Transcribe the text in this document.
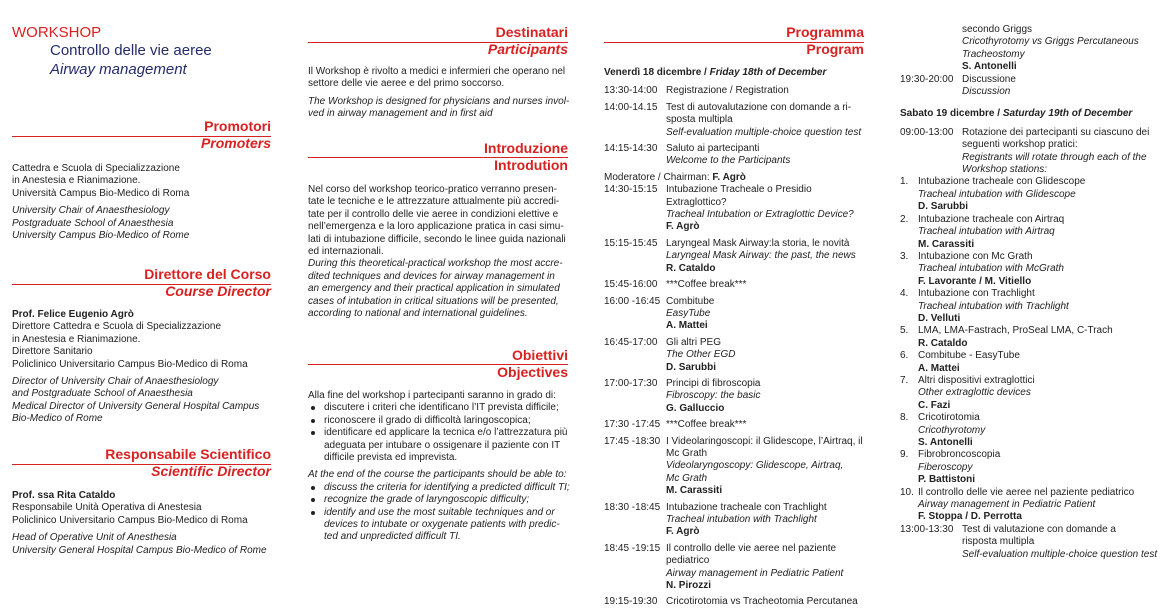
WORKSHOP
Controllo delle vie aeree
Airway management
Promotori
Promoters

Cattedra e Scuola di Specializzazione

in Anestesia e Rianimazione.

Università Campus Bio-Medico di Roma

University Chair of Anaesthesiology

Postgraduate School of Anaesthesia

University Campus Bio-Medico of Rome

Direttore del Corso
Course Director

Prof. Felice Eugenio Agrò

Direttore Cattedra e Scuola di Specializzazione

in Anestesia e Rianimazione.

Direttore Sanitario

Policlinico Universitario Campus Bio-Medico di Roma

Director of University Chair of Anaesthesiology

and Postgraduate School of Anaesthesia

Medical Director of University General Hospital Campus

Bio-Medico of Rome

Responsabile Scientifico
Scientific Director

Prof. ssa Rita Cataldo

Responsabile Unità Operativa di Anestesia

Policlinico Universitario Campus Bio-Medico di Roma

Head of Operative Unit of Anesthesia

University General Hospital Campus Bio-Medico of Rome

Destinatari
Participants

Il Workshop è rivolto a medici e infermieri che operano nel

settore delle vie aeree e del primo soccorso.

The Workshop is designed for physicians and nurses invol-

ved in airway management and in first aid

Introduzione
Introdution

Nel corso del workshop teorico-pratico verranno presen-

tate le tecniche e le attrezzature attualmente più accredi-

tate per il controllo delle vie aeree in condizioni elettive e

nell’emergenza e la loro applicazione pratica in casi simu-

lati di intubazione difficile, secondo le linee guida nazionali

ed internazionali.

During this theoretical-practical workshop the most accre-

dited techniques and devices for airway management in

an emergency and their practical application in simulated

cases of intubation in critical situations will be presented,

according to national and international guidelines.

Obiettivi
Objectives

Alla fine del workshop i partecipanti saranno in grado di:

discutere i criteri che identificano l’IT prevista difficile;
riconoscere il grado di difficoltà laringoscopica;
identificare ed applicare la tecnica e/o l’attrezzatura più
adeguata per intubare o ossigenare il paziente con IT
difficile prevista ed imprevista.

At the end of the course the participants should be able to:

discuss the criteria for identifying a predicted difficult TI;
recognize the grade of laryngoscopic difficulty;
identify and use the most suitable techniques and or
devices to intubate or oxygenate patients with predic-
ted and unpredicted difficult TI.
Programma
Program

Venerdì 18 dicembre / Friday 18th of December

13:30-14:00 Registrazione / Registration

14:00-14.15 Test di autovalutazione con domande a ri-

sposta multipla

Self-evaluation multiple-choice question test

14:15-14:30 Saluto ai partecipanti

Welcome to the Participants

Moderatore / Chairman: F. Agrò

14:30-15:15 Intubazione Tracheale o Presidio Extraglottico?

Tracheal Intubation or Extraglottic Device?

F. Agrò

15:15-15:45 Laryngeal Mask Airway:la storia, le novità

Laryngeal Mask Airway: the past, the news

R. Cataldo

15:45-16:00 ***Coffee break***

16:00 -16:45 Combitube

EasyTube

A. Mattei

16:45-17:00 Gli altri PEG

The Other EGD

D. Sarubbi

17:00-17:30 Principi di fibroscopia

Fibroscopy: the basic

G. Galluccio

17:30 -17:45 ***Coffee break***

17:45 -18:30 I Videolaringoscopi: il Glidescope, l’Airtraq, il

Mc Grath

Videolaryngoscopy: Glidescope, Airtraq,

Mc Grath

M. Carassiti

18:30 -18:45 Intubazione tracheale con Trachlight

Tracheal intubation with Trachlight

F. Agrò

18:45 -19:15 Il controllo delle vie aeree nel paziente

pediatrico

Airway management in Pediatric Patient

N. Pirozzi

19:15-19:30 Cricotirotomia vs Tracheotomia Percutanea

secondo Griggs

Cricothyrotomy vs Griggs Percutaneous

Tracheostomy

S. Antonelli

19:30-20:00 Discussione

Discussion

Sabato 19 dicembre / Saturday 19th of December

09:00-13:00 Rotazione dei partecipanti su ciascuno dei

seguenti workshop pratici:

Registrants will rotate through each of the

Workshop stations:

1. Intubazione tracheale con Glidescope

Tracheal intubation with Glidescope

D. Sarubbi

2. Intubazione tracheale con Airtraq

Tracheal intubation with Airtraq

M. Carassiti

3. Intubazione con Mc Grath

Tracheal intubation with McGrath

F. Lavorante / M. Vitiello

4. Intubazione con Trachlight

Tracheal intubation with Trachlight

D. Velluti

5. LMA, LMA-Fastrach, ProSeal LMA, C-Trach

R. Cataldo

6. Combitube - EasyTube

A. Mattei

7. Altri dispositivi extraglottici

Other extraglottic devices

C. Fazi

8. Cricotirotomia

Cricothyrotomy

S. Antonelli

9. Fibrobroncoscopia

Fiberoscopy

P. Battistoni

10. Il controllo delle vie aeree nel paziente pediatrico

Airway management in Pediatric Patient

F. Stoppa / D. Perrotta

13:00-13:30 Test di valutazione con domande a

risposta multipla

Self-evaluation multiple-choice question test
